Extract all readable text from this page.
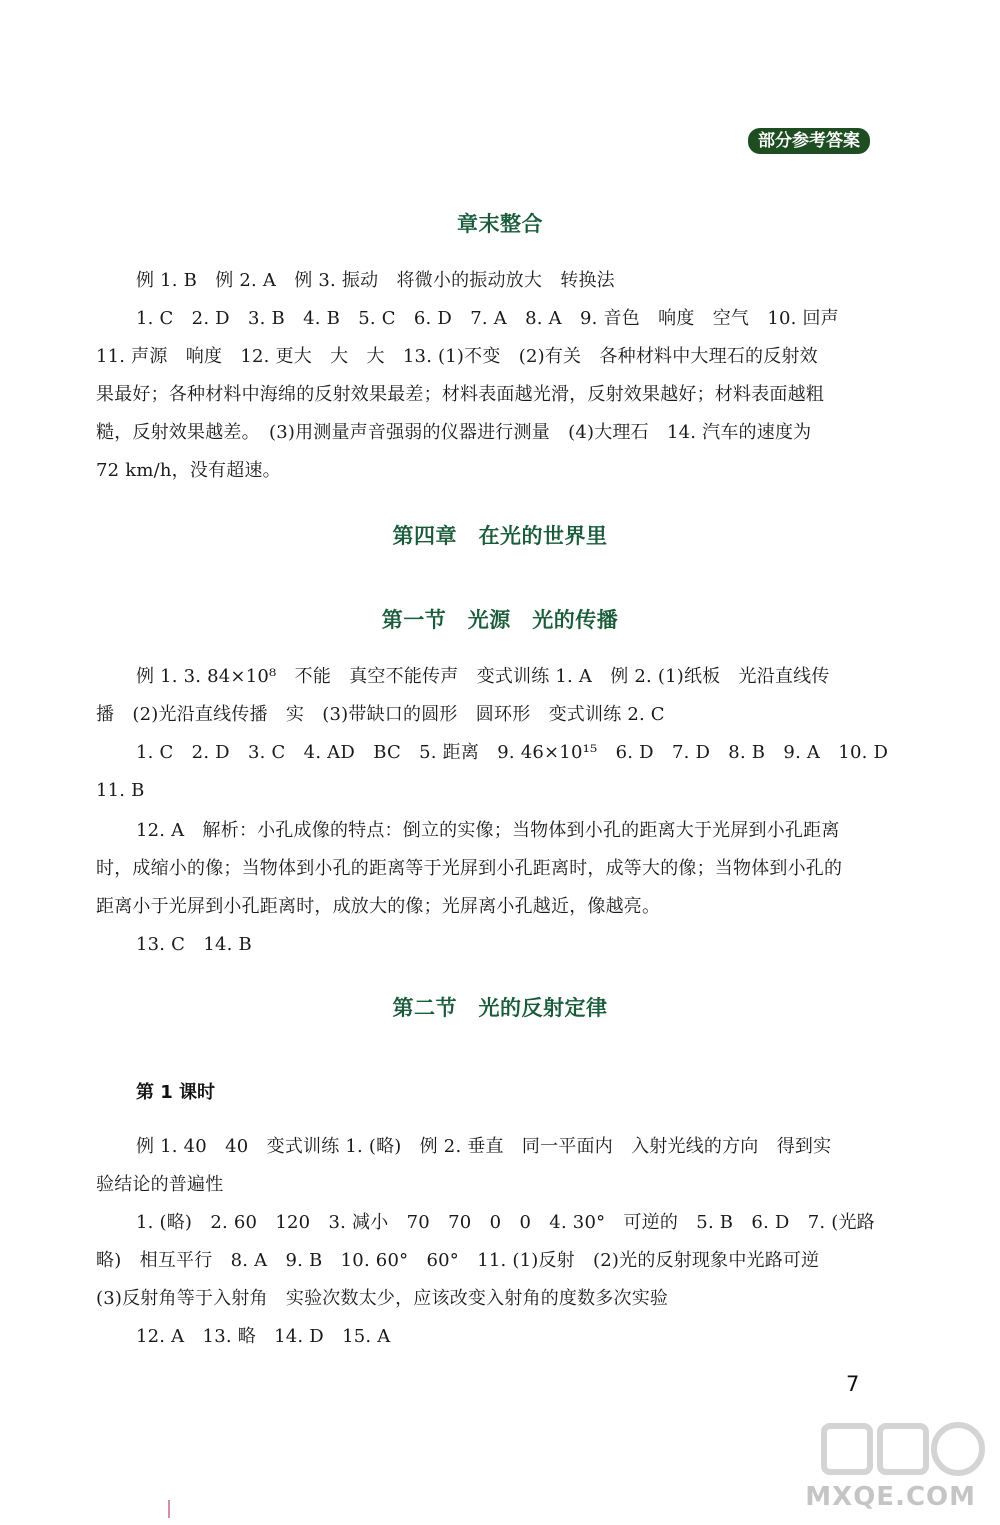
部分参考答案
章末整合
例 1. B　例 2. A　例 3. 振动　将微小的振动放大　转换法
1. C　2. D　3. B　4. B　5. C　6. D　7. A　8. A　9. 音色　响度　空气　10. 回声
11. 声源　响度　12. 更大　大　大　13. (1)不变　(2)有关　各种材料中大理石的反射效
果最好；各种材料中海绵的反射效果最差；材料表面越光滑，反射效果越好；材料表面越粗
糙，反射效果越差。　(3)用测量声音强弱的仪器进行测量　(4)大理石　14. 汽车的速度为
72 km/h，没有超速。
第四章　在光的世界里
第一节　光源　光的传播
例 1. 3. 84×10⁸　不能　真空不能传声　变式训练 1. A　例 2. (1)纸板　光沿直线传
播　(2)光沿直线传播　实　(3)带缺口的圆形　圆环形　变式训练 2. C
1. C　2. D　3. C　4. AD　BC　5. 距离　9. 46×10¹⁵　6. D　7. D　8. B　9. A　10. D
11. B
12. A　解析：小孔成像的特点：倒立的实像；当物体到小孔的距离大于光屏到小孔距离
时，成缩小的像；当物体到小孔的距离等于光屏到小孔距离时，成等大的像；当物体到小孔的
距离小于光屏到小孔距离时，成放大的像；光屏离小孔越近，像越亮。
13. C　14. B
第二节　光的反射定律
第 1 课时
例 1. 40　40　变式训练 1. (略)　例 2. 垂直　同一平面内　入射光线的方向　得到实
验结论的普遍性
1. (略)　2. 60　120　3. 减小　70　70　0　0　4. 30°　可逆的　5. B　6. D　7. (光路
略)　相互平行　8. A　9. B　10. 60°　60°　11. (1)反射　(2)光的反射现象中光路可逆
(3)反射角等于入射角　实验次数太少，应该改变入射角的度数多次实验
12. A　13. 略　14. D　15. A
7
MXQE.COM
